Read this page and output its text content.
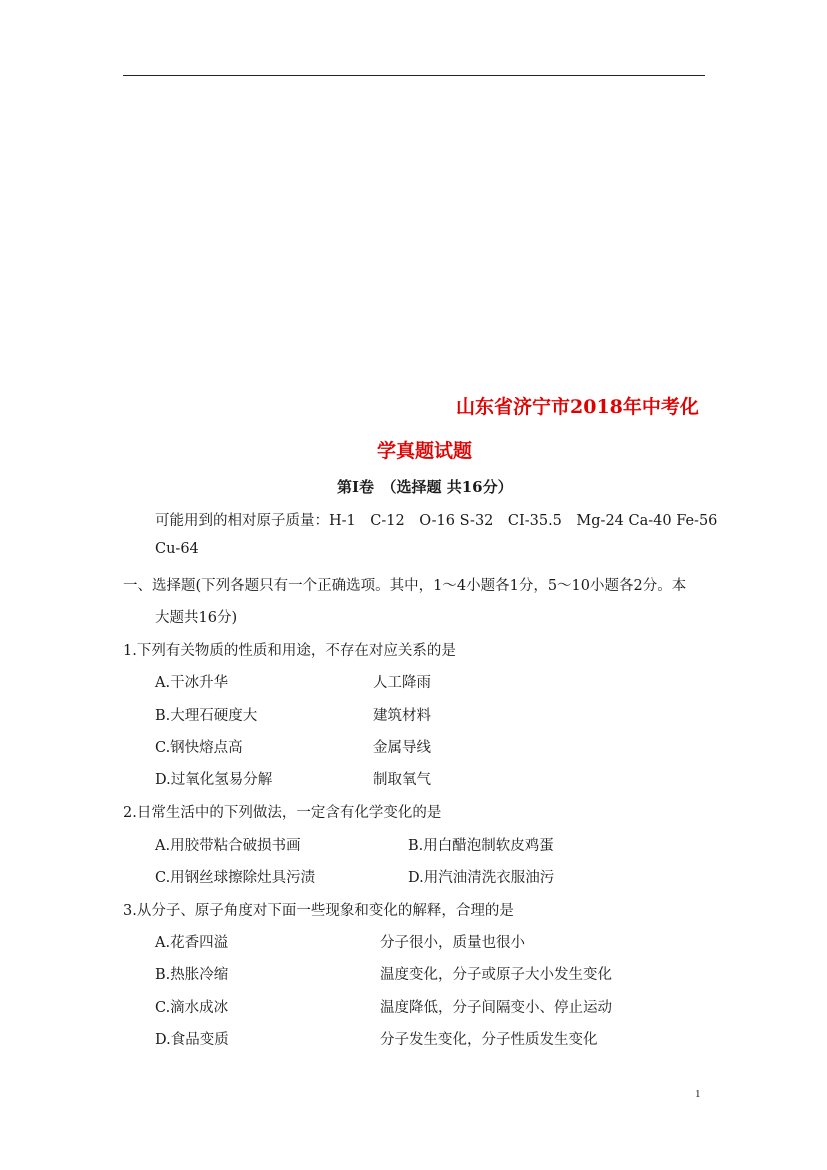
山东省济宁市2018年中考化
学真题试题
第Ⅰ卷　（选择题 共16分）
可能用到的相对原子质量：H-1　C-12　O-16 S-32　CI-35.5　Mg-24 Ca-40 Fe-56
Cu-64
一、选择题(下列各题只有一个正确选项。其中，1～4小题各1分，5～10小题各2分。本
大题共16分)
1.下列有关物质的性质和用途，不存在对应关系的是
A.干冰升华	人工降雨
B.大理石硬度大	建筑材料
C.钢快熔点高	金属导线
D.过氧化氢易分解	制取氧气
2.日常生活中的下列做法，一定含有化学变化的是
A.用胶带粘合破损书画	B.用白醋泡制软皮鸡蛋
C.用钢丝球擦除灶具污渍	D.用汽油清洗衣服油污
3.从分子、原子角度对下面一些现象和变化的解释，合理的是
A.花香四溢	分子很小，质量也很小
B.热胀冷缩	温度变化，分子或原子大小发生变化
C.滴水成冰	温度降低，分子间隔变小、停止运动
D.食品变质	分子发生变化，分子性质发生变化
1
